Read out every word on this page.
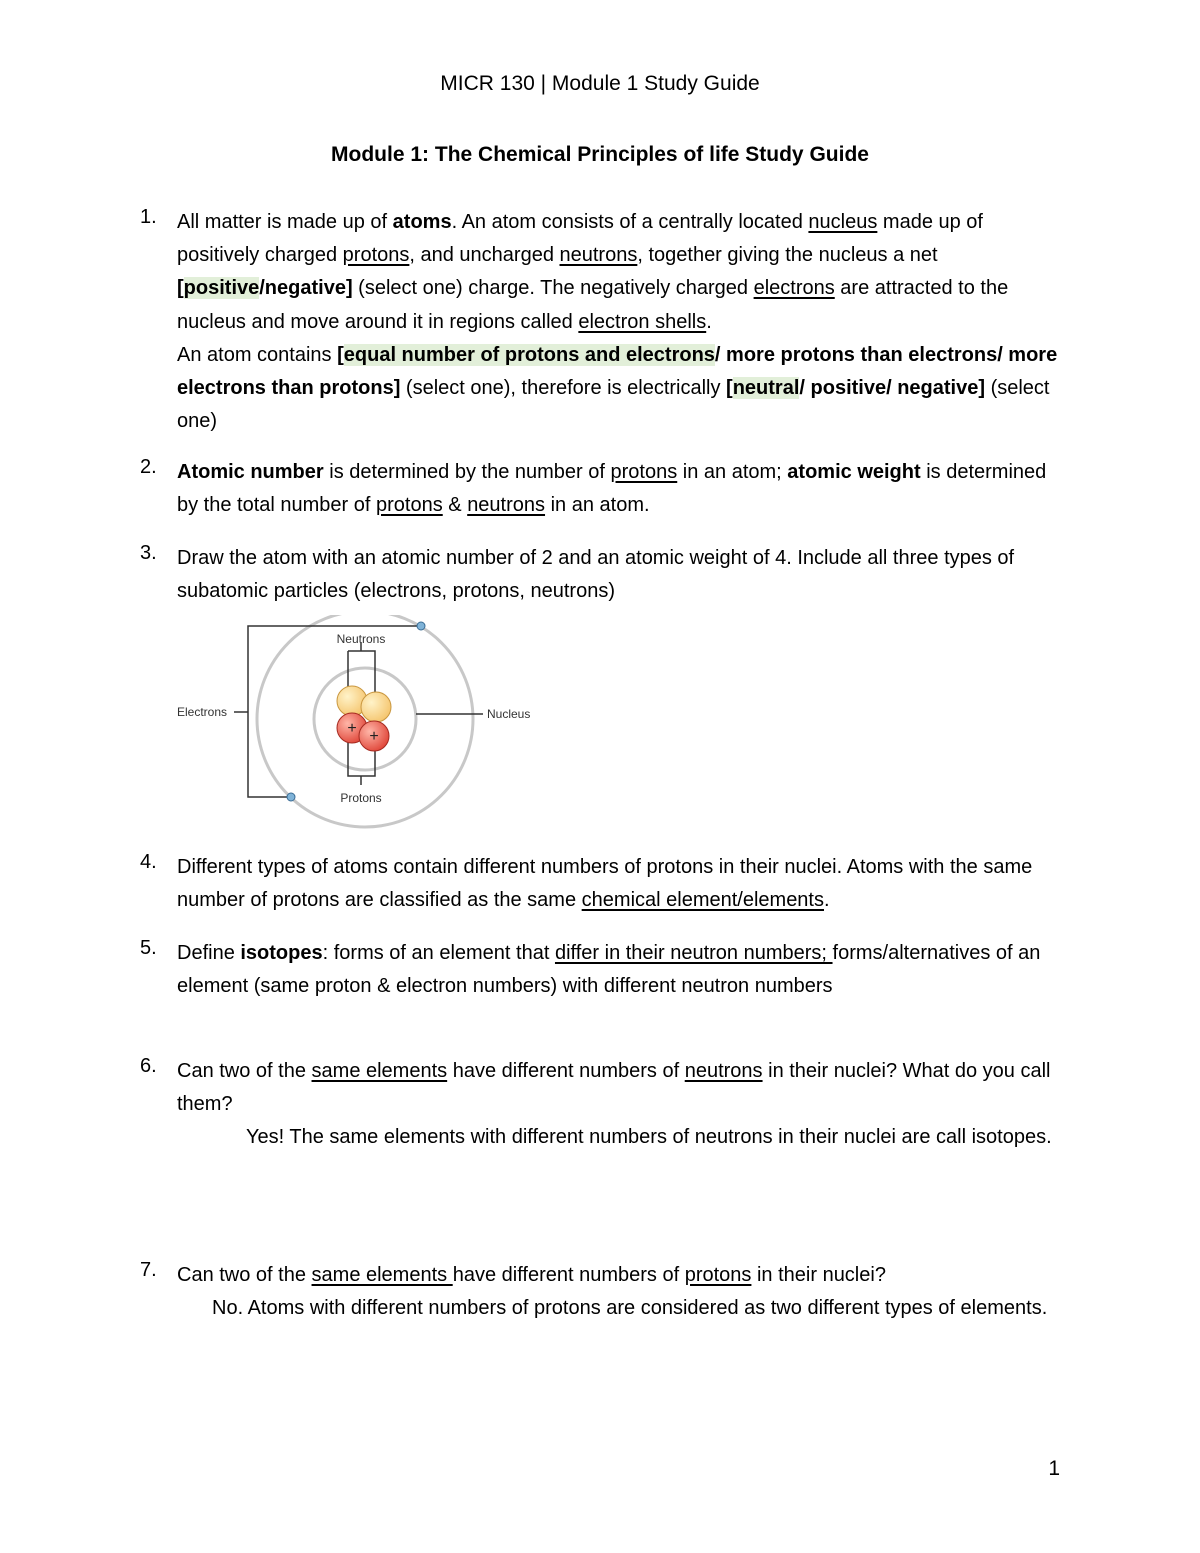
MICR 130 | Module 1 Study Guide
Module 1: The Chemical Principles of life Study Guide
1.	All matter is made up of atoms. An atom consists of a centrally located nucleus made up of positively charged protons, and uncharged neutrons, together giving the nucleus a net [positive/negative] (select one) charge. The negatively charged electrons are attracted to the nucleus and move around it in regions called electron shells.
An atom contains [equal number of protons and electrons/ more protons than electrons/ more electrons than protons] (select one), therefore is electrically [neutral/ positive/ negative] (select one)
2.	Atomic number is determined by the number of protons in an atom; atomic weight is determined by the total number of protons & neutrons in an atom.
3.	Draw the atom with an atomic number of 2 and an atomic weight of 4. Include all three types of subatomic particles (electrons, protons, neutrons)
+ +
Neutrons
Electrons	Nucleus
Protons
4.	Different types of atoms contain different numbers of protons in their nuclei. Atoms with the same number of protons are classified as the same chemical element/elements.
5.	Define isotopes: forms of an element that differ in their neutron numbers; forms/alternatives of an element (same proton & electron numbers) with different neutron numbers
6.	Can two of the same elements have different numbers of neutrons in their nuclei? What do you call them?
Yes! The same elements with different numbers of neutrons in their nuclei are call isotopes.
7.	Can two of the same elements have different numbers of protons in their nuclei?
No. Atoms with different numbers of protons are considered as two different types of elements.
1
